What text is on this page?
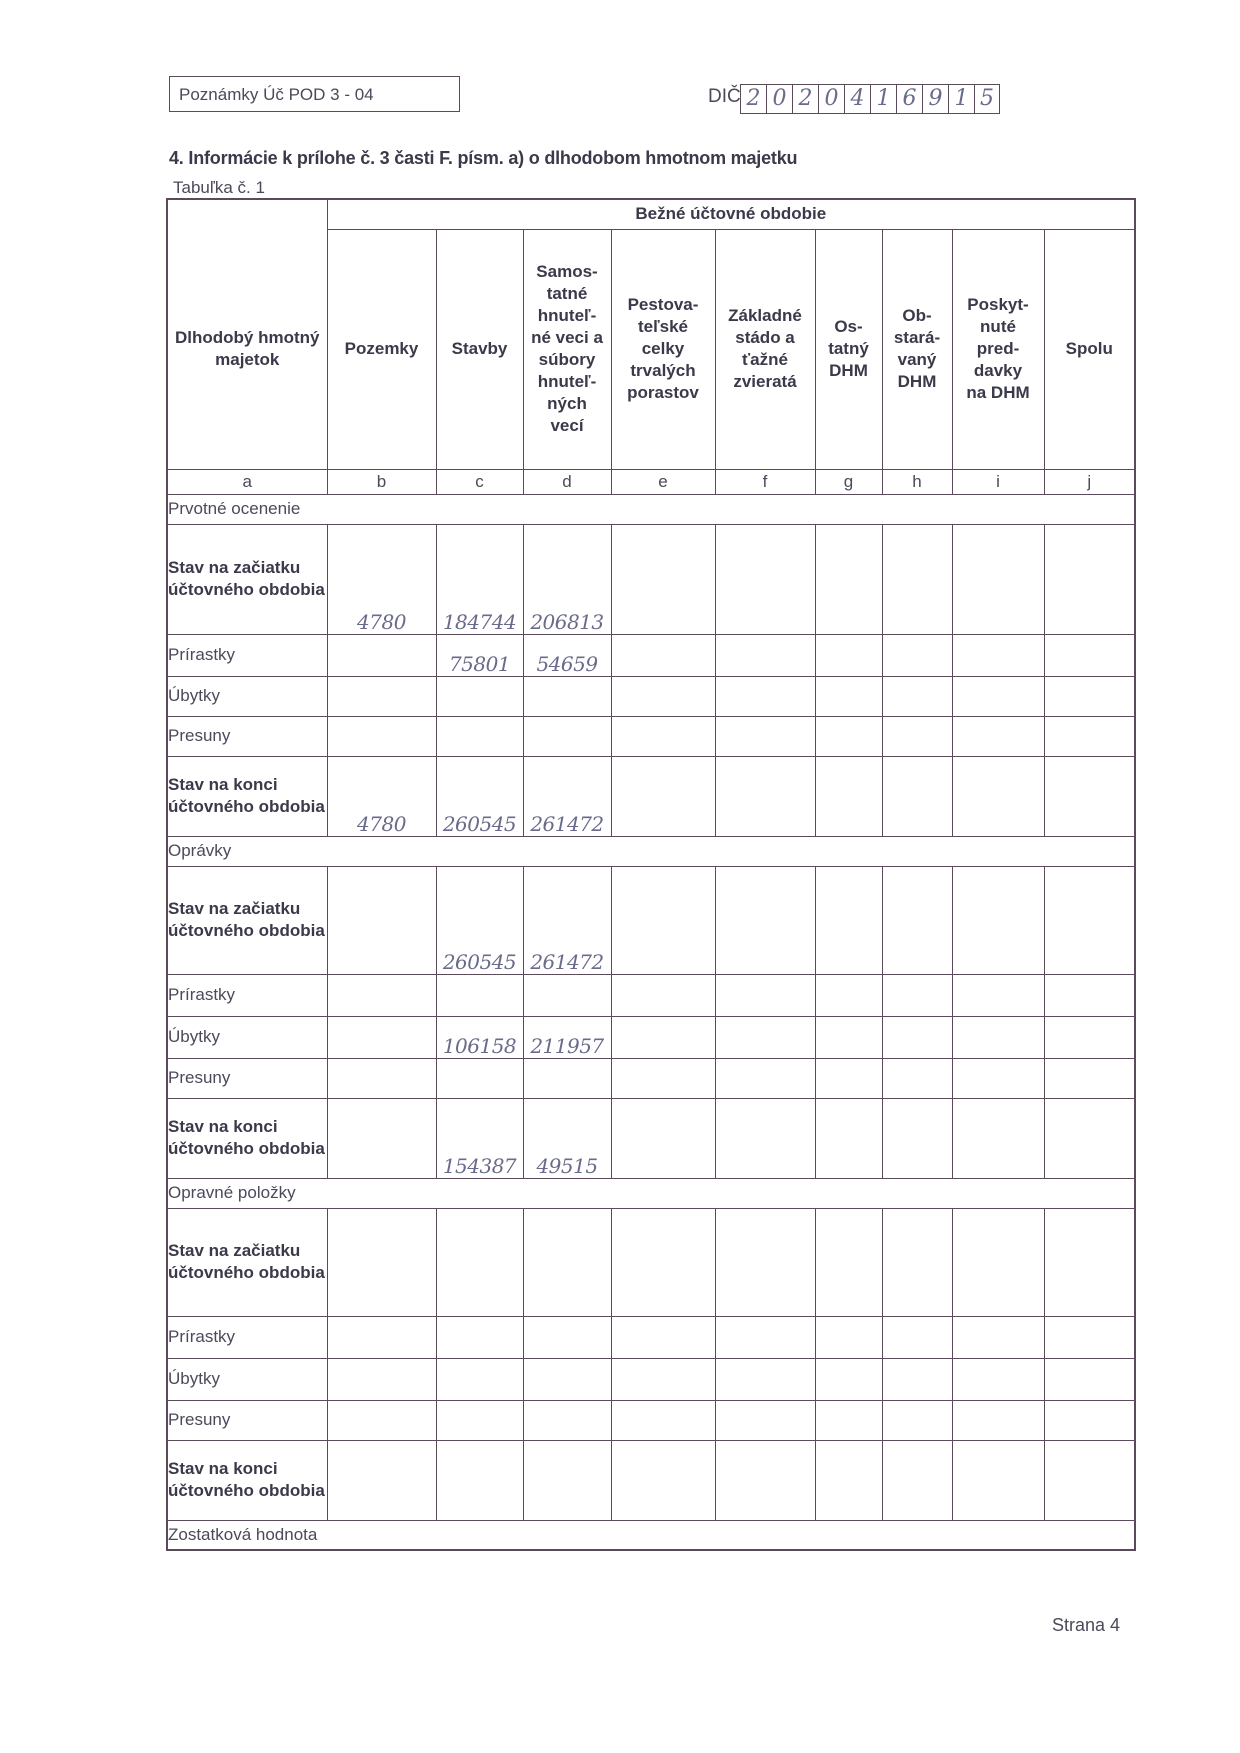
Poznámky Úč POD 3 - 04	DIČ 2 0 2 0 4 1 6 9 1 5
4. Informácie k prílohe č. 3 časti F. písm. a) o dlhodobom hmotnom majetku
Tabuľka č. 1
Dlhodobý hmotný majetok	Bežné účtovné obdobie								
	Pozemky	Stavby	Samos- tatné hnuteľ- né veci a súbory hnuteľ- ných vecí	Pestova- teľské celky trvalých porastov	Základné stádo a ťažné zvieratá	Os- tatný DHM	Ob- stará- vaný DHM	Poskyt- nuté pred- davky na DHM	Spolu
a	b	c	d	e	f	g	h	i	j
Prvotné ocenenie									
Stav na začiatku účtovného obdobia	4780	184744	206813						
Prírastky		75801	54659						
Úbytky									
Presuny									
Stav na konci účtovného obdobia	4780	260545	261472						
Oprávky									
Stav na začiatku účtovného obdobia		260545	261472						
Prírastky									
Úbytky		106158	211957						
Presuny									
Stav na konci účtovného obdobia		154387	49515						
Opravné položky									
Stav na začiatku účtovného obdobia									
Prírastky									
Úbytky									
Presuny									
Stav na konci účtovného obdobia									
Zostatková hodnota									
Strana 4
